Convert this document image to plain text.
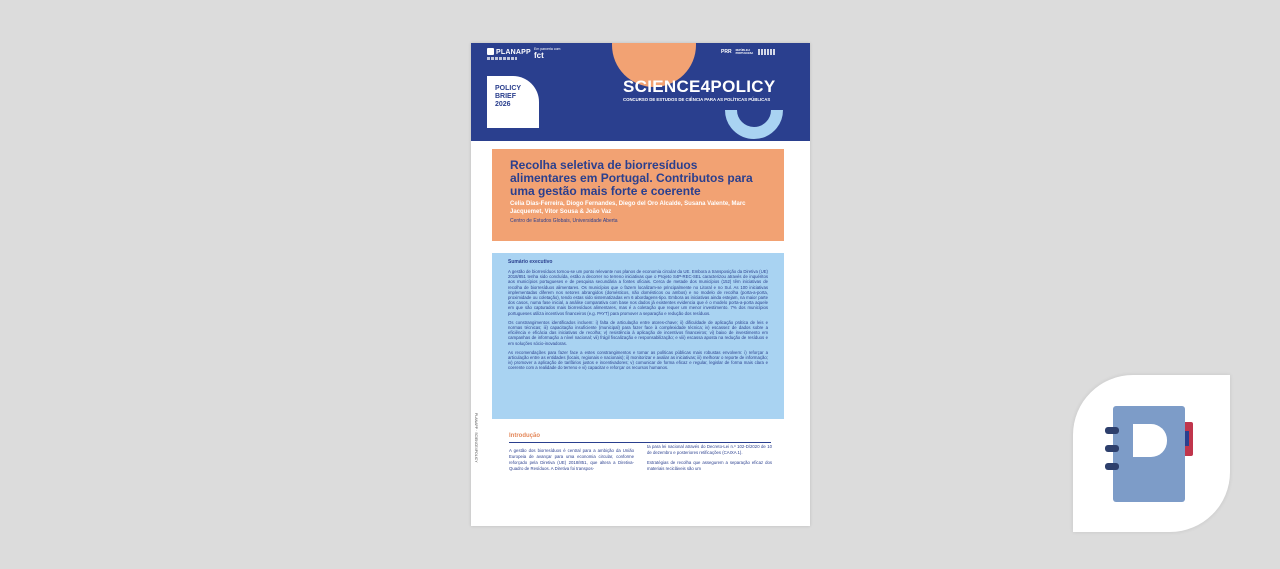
PLANAPP Em parceria com
fct	PRR REPÚBLICA PORTUGUESA
POLICY
BRIEF
2026
SCIENCE4POLICY
CONCURSO DE ESTUDOS DE CIÊNCIA PARA AS POLÍTICAS PÚBLICAS
Recolha seletiva de biorresíduos alimentares em Portugal. Contributos para uma gestão mais forte e coerente
Celia Dias-Ferreira, Diogo Fernandes, Diego del Oro Alcalde, Susana Valente, Marc Jacquemet, Vitor Sousa & João Vaz
Centro de Estudos Globais, Universidade Aberta
Sumário executivo

A gestão de biorresíduos tornou-se um ponto relevante nos planos de economia circular da UE. Embora a transposição da Diretiva (UE) 2018/851 tenha sido concluída, estão a decorrer no terreno iniciativas que o Projeto S4P-REC-SEL caracterizou através de inquéritos aos municípios portugueses e de pesquisa secundária a fontes oficiais. Cerca de metade dos municípios (152) têm iniciativas de recolha de biorresíduos alimentares. Os municípios que o fazem localizam-se principalmente no Litoral e no Sul. As 100 iniciativas implementadas diferem nos setores abrangidos (domésticos, não domésticos ou ambos) e no modelo de recolha (porta-a-porta, proximidade ou coletação), tendo estas sido sistematizadas em 6 abordagens-tipo. Embora as iniciativas ainda estejam, na maior parte dos casos, numa fase inicial, a análise comparativa com base nos dados já existentes evidencia que é o modelo porta-a-porta aquele em que são capturados mais biorresíduos alimentares, mas é a coletação que requer um menor investimento. 7% dos municípios portugueses utiliza incentivos financeiros (e.g. PAYT) para promover a separação e redução dos resíduos.

Os constrangimentos identificados incluem: i) falta de articulação entre atores-chave; ii) dificuldade de aplicação prática de leis e normas técnicas; iii) capacitação insuficiente (municipal) para fazer face à complexidade técnica; iv) escassez de dados sobre a eficiência e eficácia das iniciativas de recolha; v) resistência à aplicação de incentivos financeiros; vi) baixo de investimento em campanhas de informação a nível nacional; vii) frágil fiscalização e responsabilização; e viii) escassa aposta na redução de resíduos e em soluções sócio-inovadoras.

As recomendações para fazer face a estes constrangimentos e tornar as políticas públicas mais robustas envolvem: i) reforçar a articulação entre as entidades (locais, regionais e nacionais); ii) monitorizar e avaliar as iniciativas; iii) melhorar o reporte de informação; iv) promover a aplicação de tarifários justos e incentivadores; v) comunicar de forma eficaz e regular, legislar de forma mais clara e coerente com a realidade do terreno e vi) capacitar e reforçar os recursos humanos.

PLANAPP · SCIENCE4POLICY	Introdução

A gestão dos biorresíduos é central para a ambição da União Europeia de avançar para uma economia circular, conforme reforçado pela Diretiva (UE) 2018/851, que altera a Diretiva-Quadro de Resíduos. A Diretiva foi transpos-

ta para lei nacional através do Decreto-Lei n.º 102-D/2020 de 10 de dezembro e posteriores retificações (CAIXA 1).

Estratégias de recolha que assegurem a separação eficaz dos materiais recicláveis são um
